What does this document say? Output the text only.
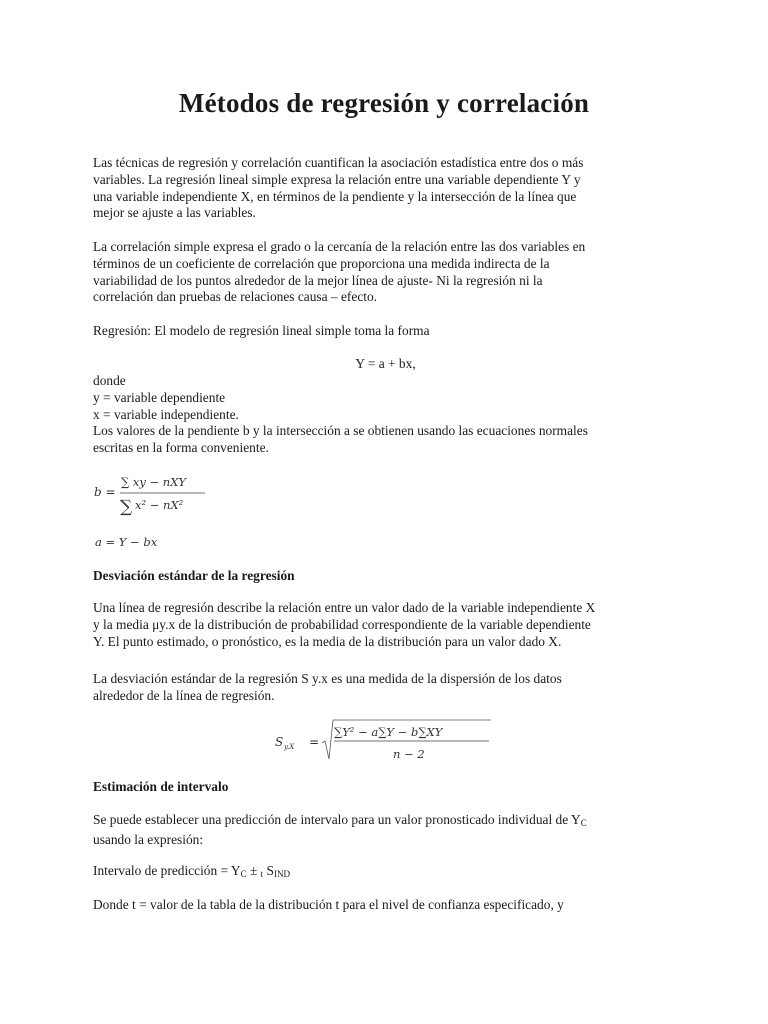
Métodos de regresión y correlación
Las técnicas de regresión y correlación cuantifican la asociación estadística entre dos o más
variables. La regresión lineal simple expresa la relación entre una variable dependiente Y y
una variable independiente X, en términos de la pendiente y la intersección de la línea que
mejor se ajuste a las variables.
La correlación simple expresa el grado o la cercanía de la relación entre las dos variables en
términos de un coeficiente de correlación que proporciona una medida indirecta de la
variabilidad de los puntos alrededor de la mejor línea de ajuste- Ni la regresión ni la
correlación dan pruebas de relaciones causa – efecto.
Regresión: El modelo de regresión lineal simple toma la forma
Y = a + bx,
donde
y = variable dependiente
x = variable independiente.
Los valores de la pendiente b y la intersección a se obtienen usando las ecuaciones normales
escritas en la forma conveniente.
b =
∑ xy − nXY
∑ x² − nX²
a = Y − bx
Desviación estándar de la regresión
Una línea de regresión describe la relación entre un valor dado de la variable independiente X
y la media μy.x de la distribución de probabilidad correspondiente de la variable dependiente
Y. El punto estimado, o pronóstico, es la media de la distribución para un valor dado X.
La desviación estándar de la regresión S y.x es una medida de la dispersión de los datos
alrededor de la línea de regresión.
S y.X =
∑Y² − a∑Y − b∑XY
n − 2
Estimación de intervalo
Se puede establecer una predicción de intervalo para un valor pronosticado individual de $Y_C$
usando la expresión:
Intervalo de predicción = $Y_C \pm _t$ $S_{IND}$
Donde t = valor de la tabla de la distribución t para el nivel de confianza especificado, y
